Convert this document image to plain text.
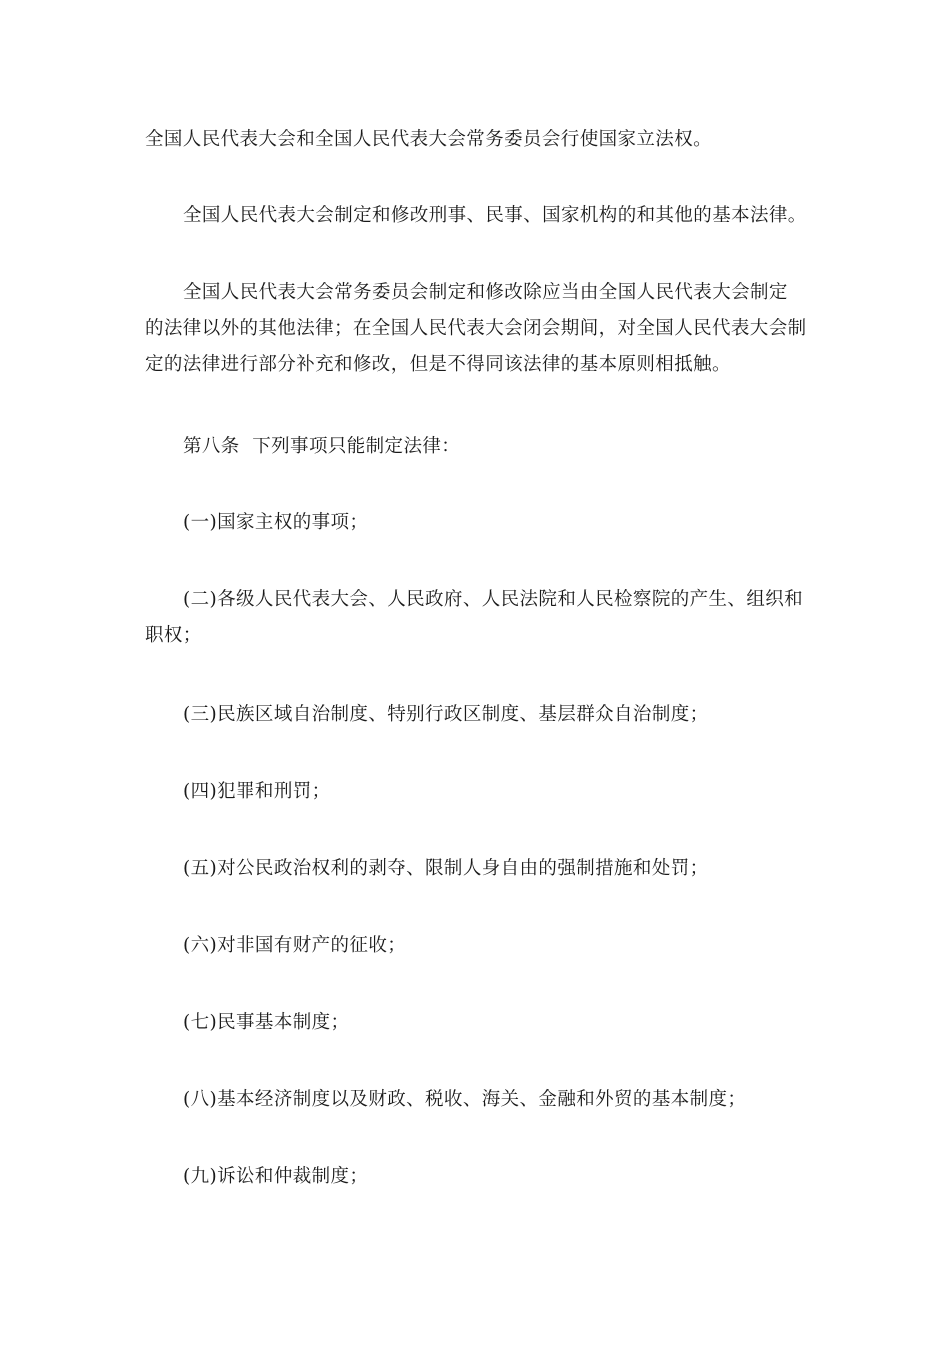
全国人民代表大会和全国人民代表大会常务委员会行使国家立法权。

全国人民代表大会制定和修改刑事、民事、国家机构的和其他的基本法律。

全国人民代表大会常务委员会制定和修改除应当由全国人民代表大会制定
的法律以外的其他法律；在全国人民代表大会闭会期间，对全国人民代表大会制
定的法律进行部分补充和修改，但是不得同该法律的基本原则相抵触。

第八条  下列事项只能制定法律：

(一)国家主权的事项；

(二)各级人民代表大会、人民政府、人民法院和人民检察院的产生、组织和
职权；

(三)民族区域自治制度、特别行政区制度、基层群众自治制度；

(四)犯罪和刑罚；

(五)对公民政治权利的剥夺、限制人身自由的强制措施和处罚；

(六)对非国有财产的征收；

(七)民事基本制度；

(八)基本经济制度以及财政、税收、海关、金融和外贸的基本制度；

(九)诉讼和仲裁制度；
